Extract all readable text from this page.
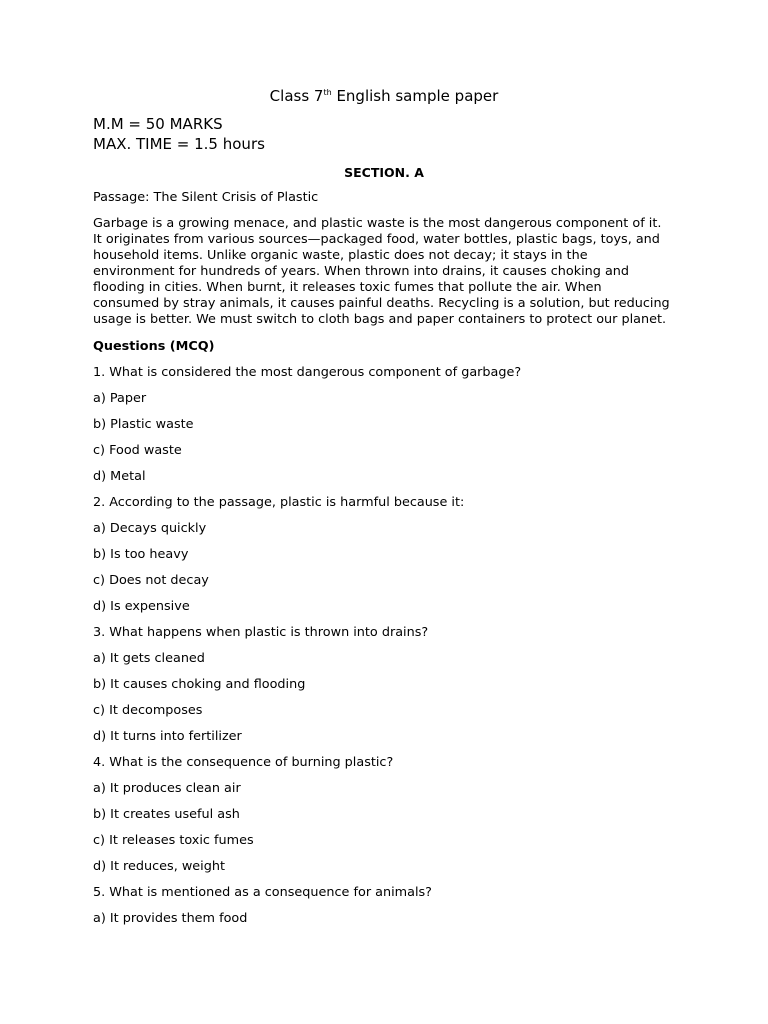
Class 7th English sample paper
M.M = 50 MARKS
MAX. TIME = 1.5 hours
SECTION. A
Passage: The Silent Crisis of Plastic
Garbage is a growing menace, and plastic waste is the most dangerous component of it.
It originates from various sources—packaged food, water bottles, plastic bags, toys, and
household items. Unlike organic waste, plastic does not decay; it stays in the
environment for hundreds of years. When thrown into drains, it causes choking and
flooding in cities. When burnt, it releases toxic fumes that pollute the air. When
consumed by stray animals, it causes painful deaths. Recycling is a solution, but reducing
usage is better. We must switch to cloth bags and paper containers to protect our planet.
Questions (MCQ)
1. What is considered the most dangerous component of garbage?
a) Paper
b) Plastic waste
c) Food waste
d) Metal
2. According to the passage, plastic is harmful because it:
a) Decays quickly
b) Is too heavy
c) Does not decay
d) Is expensive
3. What happens when plastic is thrown into drains?
a) It gets cleaned
b) It causes choking and flooding
c) It decomposes
d) It turns into fertilizer
4. What is the consequence of burning plastic?
a) It produces clean air
b) It creates useful ash
c) It releases toxic fumes
d) It reduces, weight
5. What is mentioned as a consequence for animals?
a) It provides them food
